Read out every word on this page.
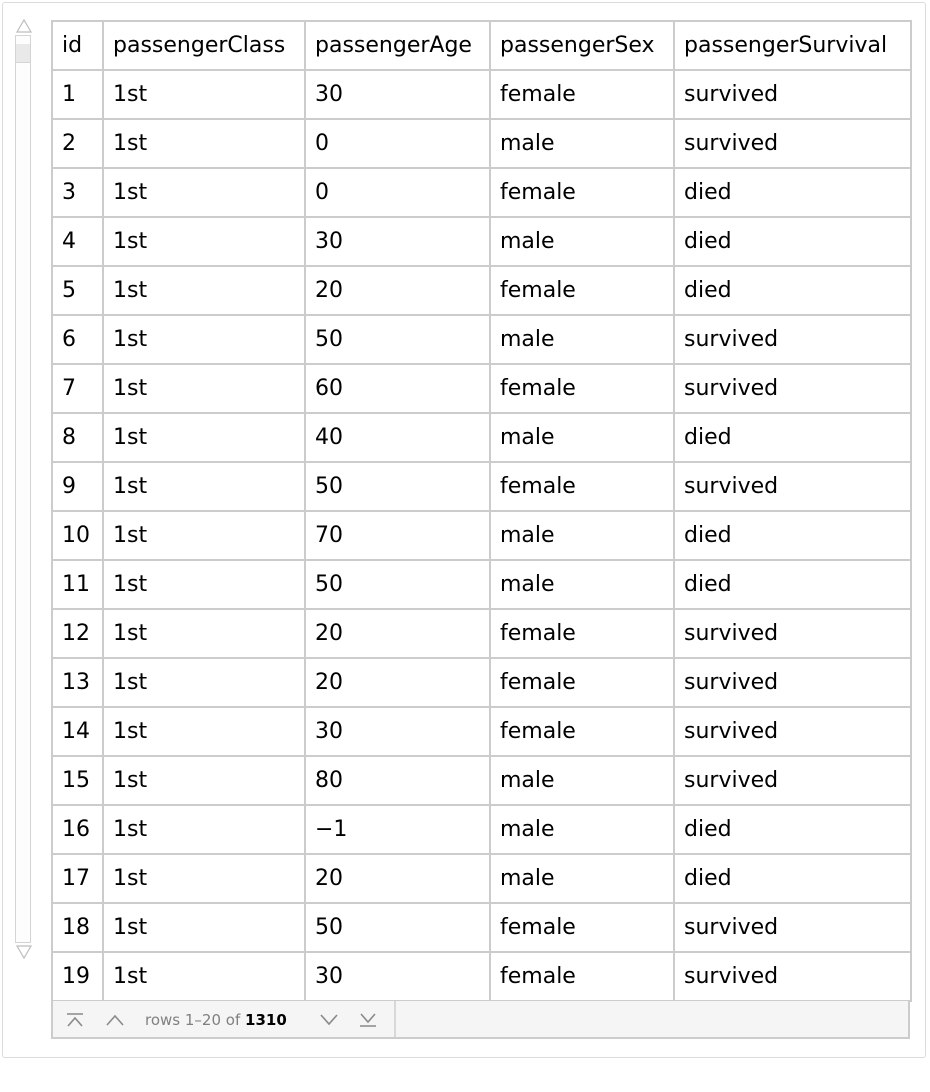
id	passengerClass	passengerAge	passengerSex	passengerSurvival
1	1st	30	female	survived
2	1st	0	male	survived
3	1st	0	female	died
4	1st	30	male	died
5	1st	20	female	died
6	1st	50	male	survived
7	1st	60	female	survived
8	1st	40	male	died
9	1st	50	female	survived
10	1st	70	male	died
11	1st	50	male	died
12	1st	20	female	survived
13	1st	20	female	survived
14	1st	30	female	survived
15	1st	80	male	survived
16	1st	−1	male	died
17	1st	20	male	died
18	1st	50	female	survived
19	1st	30	female	survived
rows 1–20 of 1310
